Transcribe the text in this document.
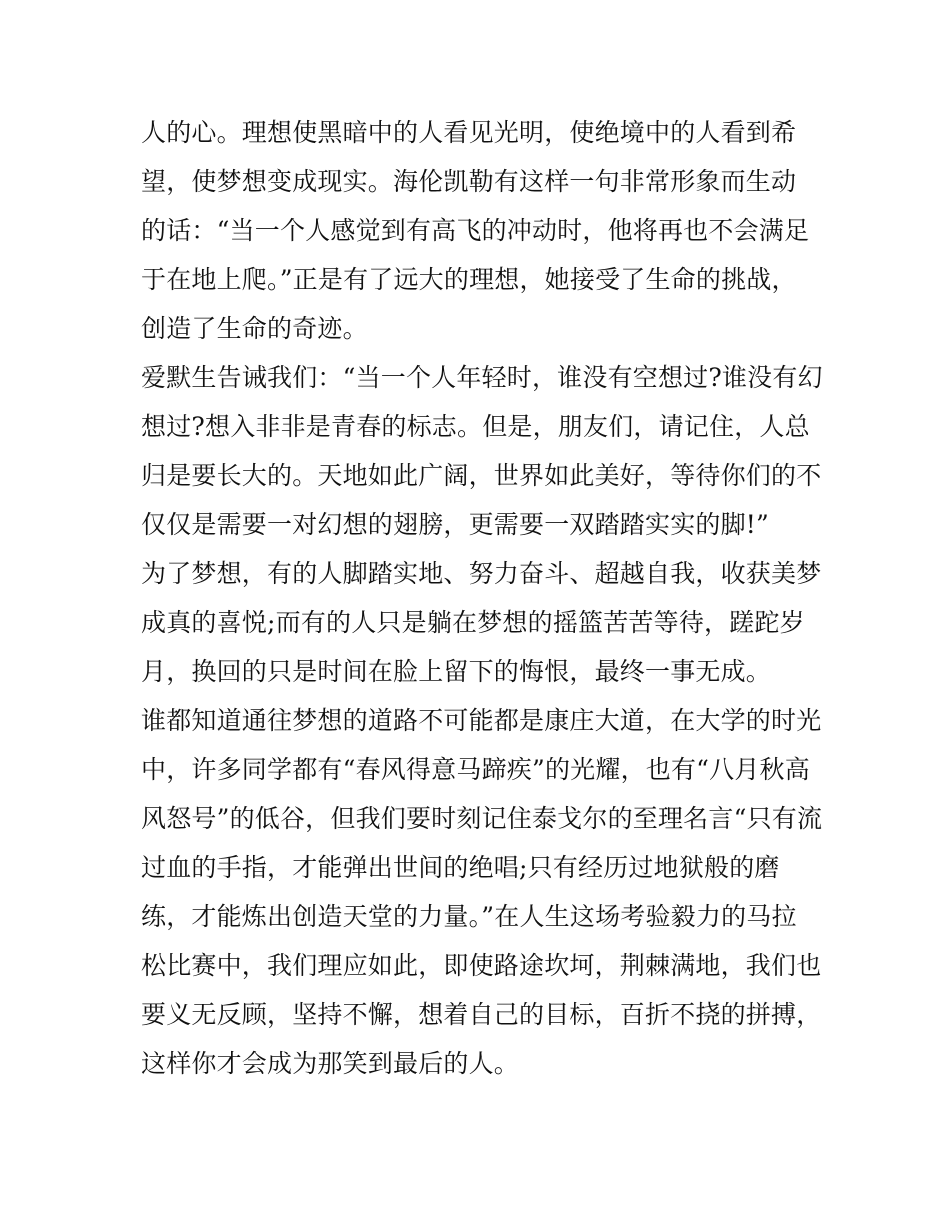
人的心。理想使黑暗中的人看见光明，使绝境中的人看到希
望，使梦想变成现实。海伦凯勒有这样一句非常形象而生动
的话：“当一个人感觉到有高飞的冲动时，他将再也不会满足
于在地上爬。”正是有了远大的理想，她接受了生命的挑战，
创造了生命的奇迹。
爱默生告诫我们：“当一个人年轻时，谁没有空想过?谁没有幻
想过?想入非非是青春的标志。但是，朋友们，请记住，人总
归是要长大的。天地如此广阔，世界如此美好，等待你们的不
仅仅是需要一对幻想的翅膀，更需要一双踏踏实实的脚!”
为了梦想，有的人脚踏实地、努力奋斗、超越自我，收获美梦
成真的喜悦;而有的人只是躺在梦想的摇篮苦苦等待，蹉跎岁
月，换回的只是时间在脸上留下的悔恨，最终一事无成。
谁都知道通往梦想的道路不可能都是康庄大道，在大学的时光
中，许多同学都有“春风得意马蹄疾”的光耀，也有“八月秋高
风怒号”的低谷，但我们要时刻记住泰戈尔的至理名言“只有流
过血的手指，才能弹出世间的绝唱;只有经历过地狱般的磨
练，才能炼出创造天堂的力量。”在人生这场考验毅力的马拉
松比赛中，我们理应如此，即使路途坎坷，荆棘满地，我们也
要义无反顾，坚持不懈，想着自己的目标，百折不挠的拼搏，
这样你才会成为那笑到最后的人。
